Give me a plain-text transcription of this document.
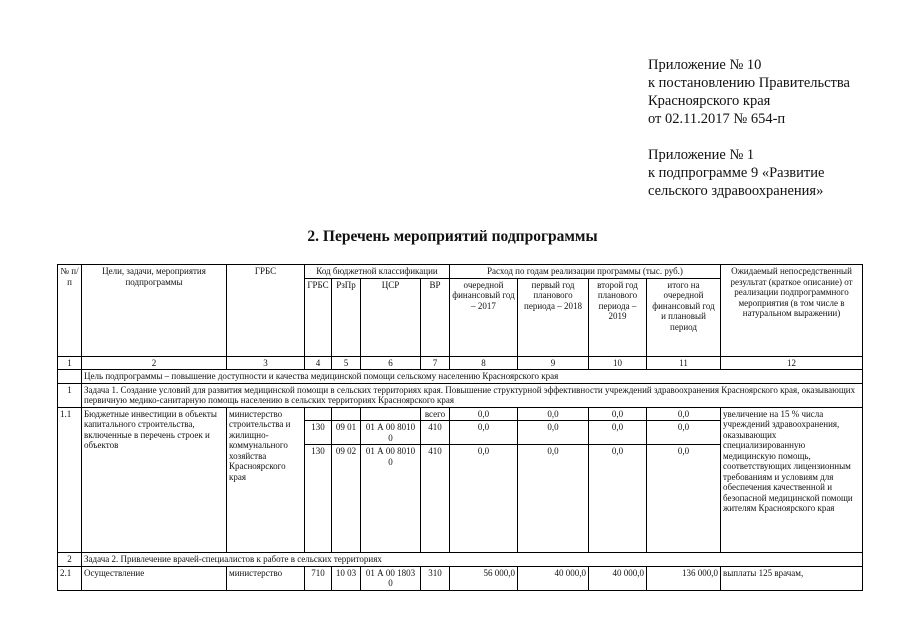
Приложение № 10
к постановлению Правительства
Красноярского края
от 02.11.2017 № 654-п
Приложение № 1
к подпрограмме 9 «Развитие
сельского здравоохранения»
2. Перечень мероприятий подпрограммы
№ п/п	Цели, задачи, мероприятия подпрограммы	ГРБС	Код бюджетной классификации				Расход по годам реализации программы (тыс. руб.)				Ожидаемый непосредственный результат (краткое описание) от реализации подпрограммного мероприятия (в том числе в натуральном выражении)
			ГРБС	РзПр	ЦСР	ВР	очередной финансовый год – 2017	первый год планового периода – 2018	второй год планового периода – 2019	итого на очередной финансовый год и плановый период	
1	2	3	4	5	6	7	8	9	10	11	12
	Цель подпрограммы – повышение доступности и качества медицинской помощи сельскому населению Красноярского края										
1	Задача 1. Создание условий для развития медицинской помощи в сельских территориях края. Повышение структурной эффективности учреждений здравоохранения Красноярского края, оказывающих первичную медико-санитарную помощь населению в сельских территориях Красноярского края										
1.1	Бюджетные инвестиции в объекты капитального строительства, включенные в перечень строек и объектов	министерство строительства и жилищно-коммунального хозяйства Красноярского края				всего	0,0	0,0	0,0	0,0	увеличение на 15 % числа учреждений здравоохранения, оказывающих специализированную медицинскую помощь, соответствующих лицензионным требованиям и условиям для обеспечения качественной и безопасной медицинской помощи жителям Красноярского края
			130	09 01	01 А 00 8010 0	410	0,0	0,0	0,0	0,0	
			130	09 02	01 А 00 8010 0	410	0,0	0,0	0,0	0,0	
2	Задача 2. Привлечение врачей-специалистов к работе в сельских территориях										
2.1	Осуществление	министерство	710	10 03	01 А 00 1803 0	310	56 000,0	40 000,0	40 000,0	136 000,0	выплаты 125 врачам,
